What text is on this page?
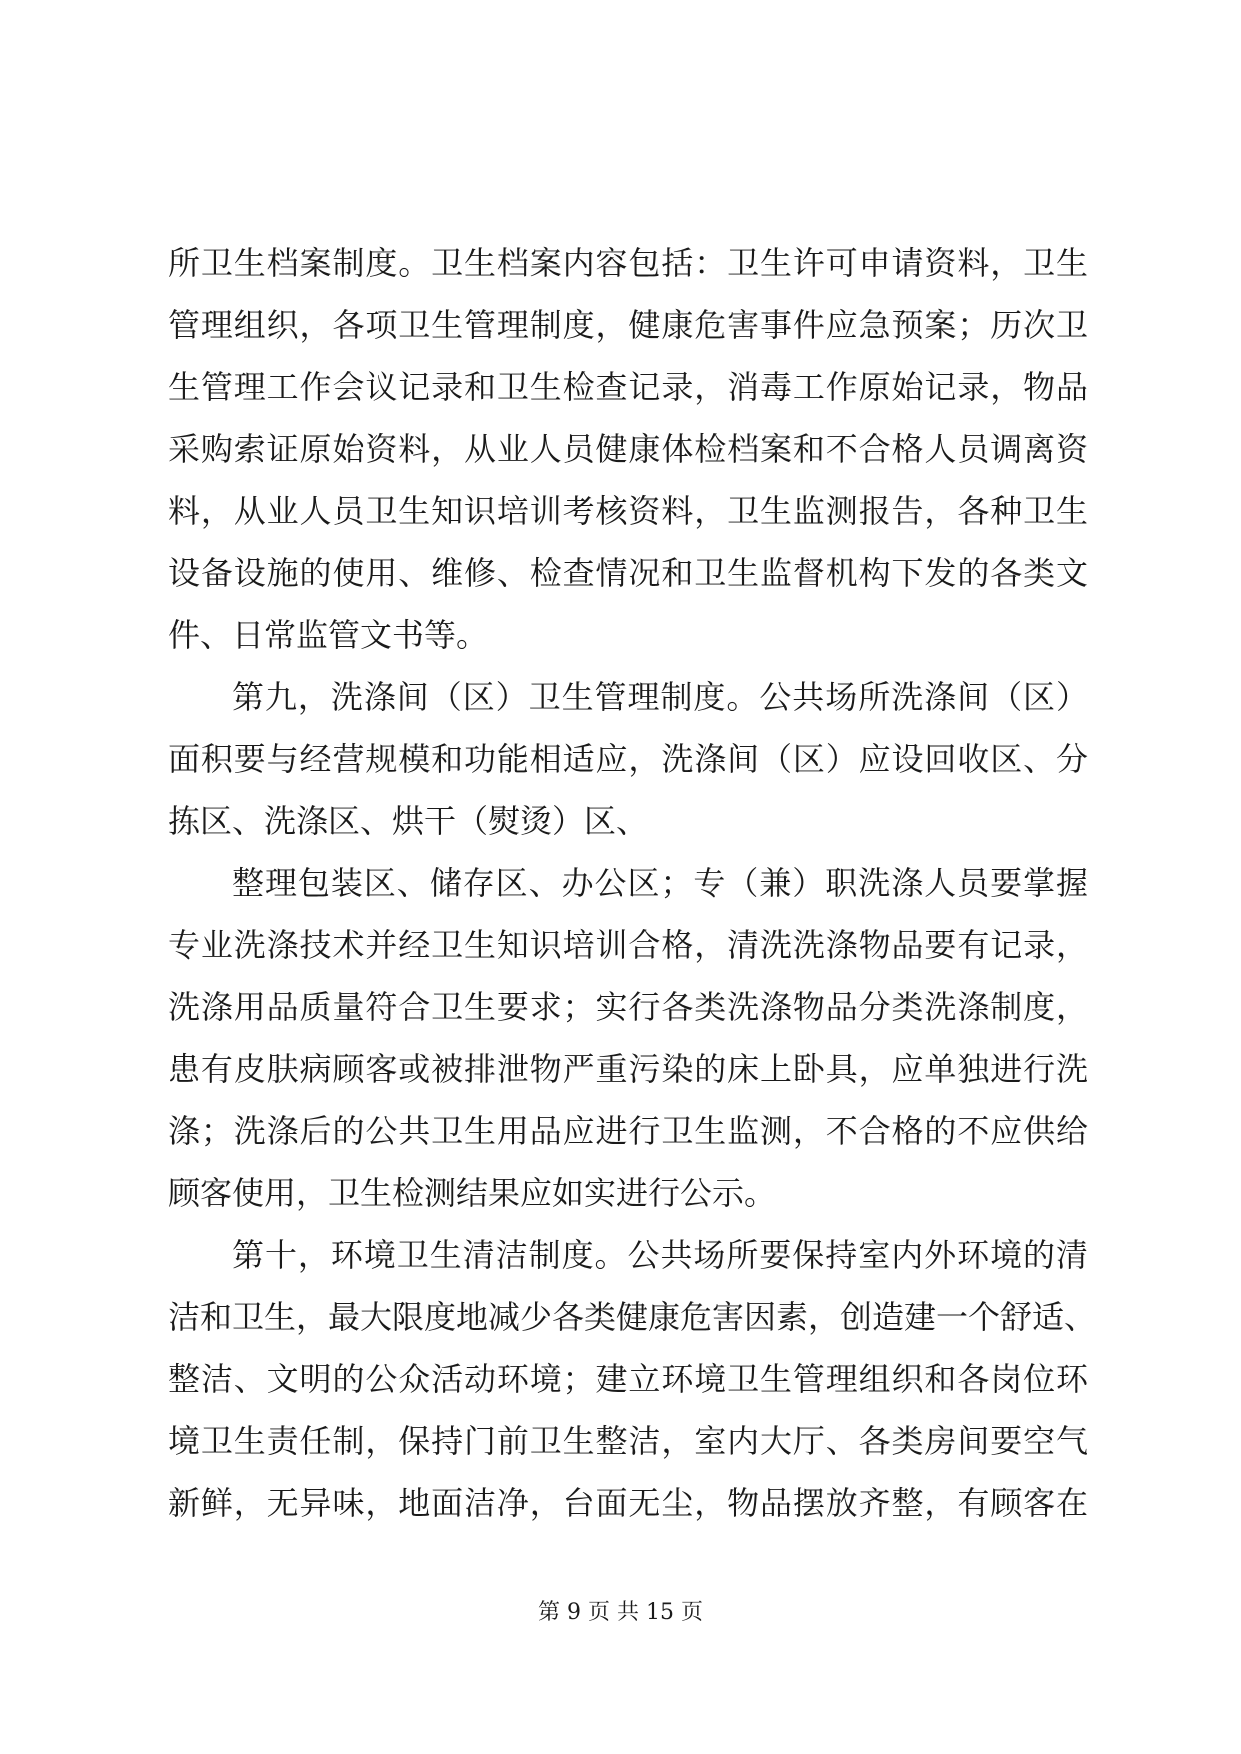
所卫生档案制度。卫生档案内容包括：卫生许可申请资料，卫生
管理组织，各项卫生管理制度，健康危害事件应急预案；历次卫
生管理工作会议记录和卫生检查记录，消毒工作原始记录，物品
采购索证原始资料，从业人员健康体检档案和不合格人员调离资
料，从业人员卫生知识培训考核资料，卫生监测报告，各种卫生
设备设施的使用、维修、检查情况和卫生监督机构下发的各类文
件、日常监管文书等。
第九，洗涤间（区）卫生管理制度。公共场所洗涤间（区）
面积要与经营规模和功能相适应，洗涤间（区）应设回收区、分
拣区、洗涤区、烘干（熨烫）区、
整理包装区、储存区、办公区；专（兼）职洗涤人员要掌握
专业洗涤技术并经卫生知识培训合格，清洗洗涤物品要有记录，
洗涤用品质量符合卫生要求；实行各类洗涤物品分类洗涤制度，
患有皮肤病顾客或被排泄物严重污染的床上卧具，应单独进行洗
涤；洗涤后的公共卫生用品应进行卫生监测，不合格的不应供给
顾客使用，卫生检测结果应如实进行公示。
第十，环境卫生清洁制度。公共场所要保持室内外环境的清
洁和卫生，最大限度地减少各类健康危害因素，创造建一个舒适、
整洁、文明的公众活动环境；建立环境卫生管理组织和各岗位环
境卫生责任制，保持门前卫生整洁，室内大厅、各类房间要空气
新鲜，无异味，地面洁净，台面无尘，物品摆放齐整，有顾客在
第 9 页 共 15 页
